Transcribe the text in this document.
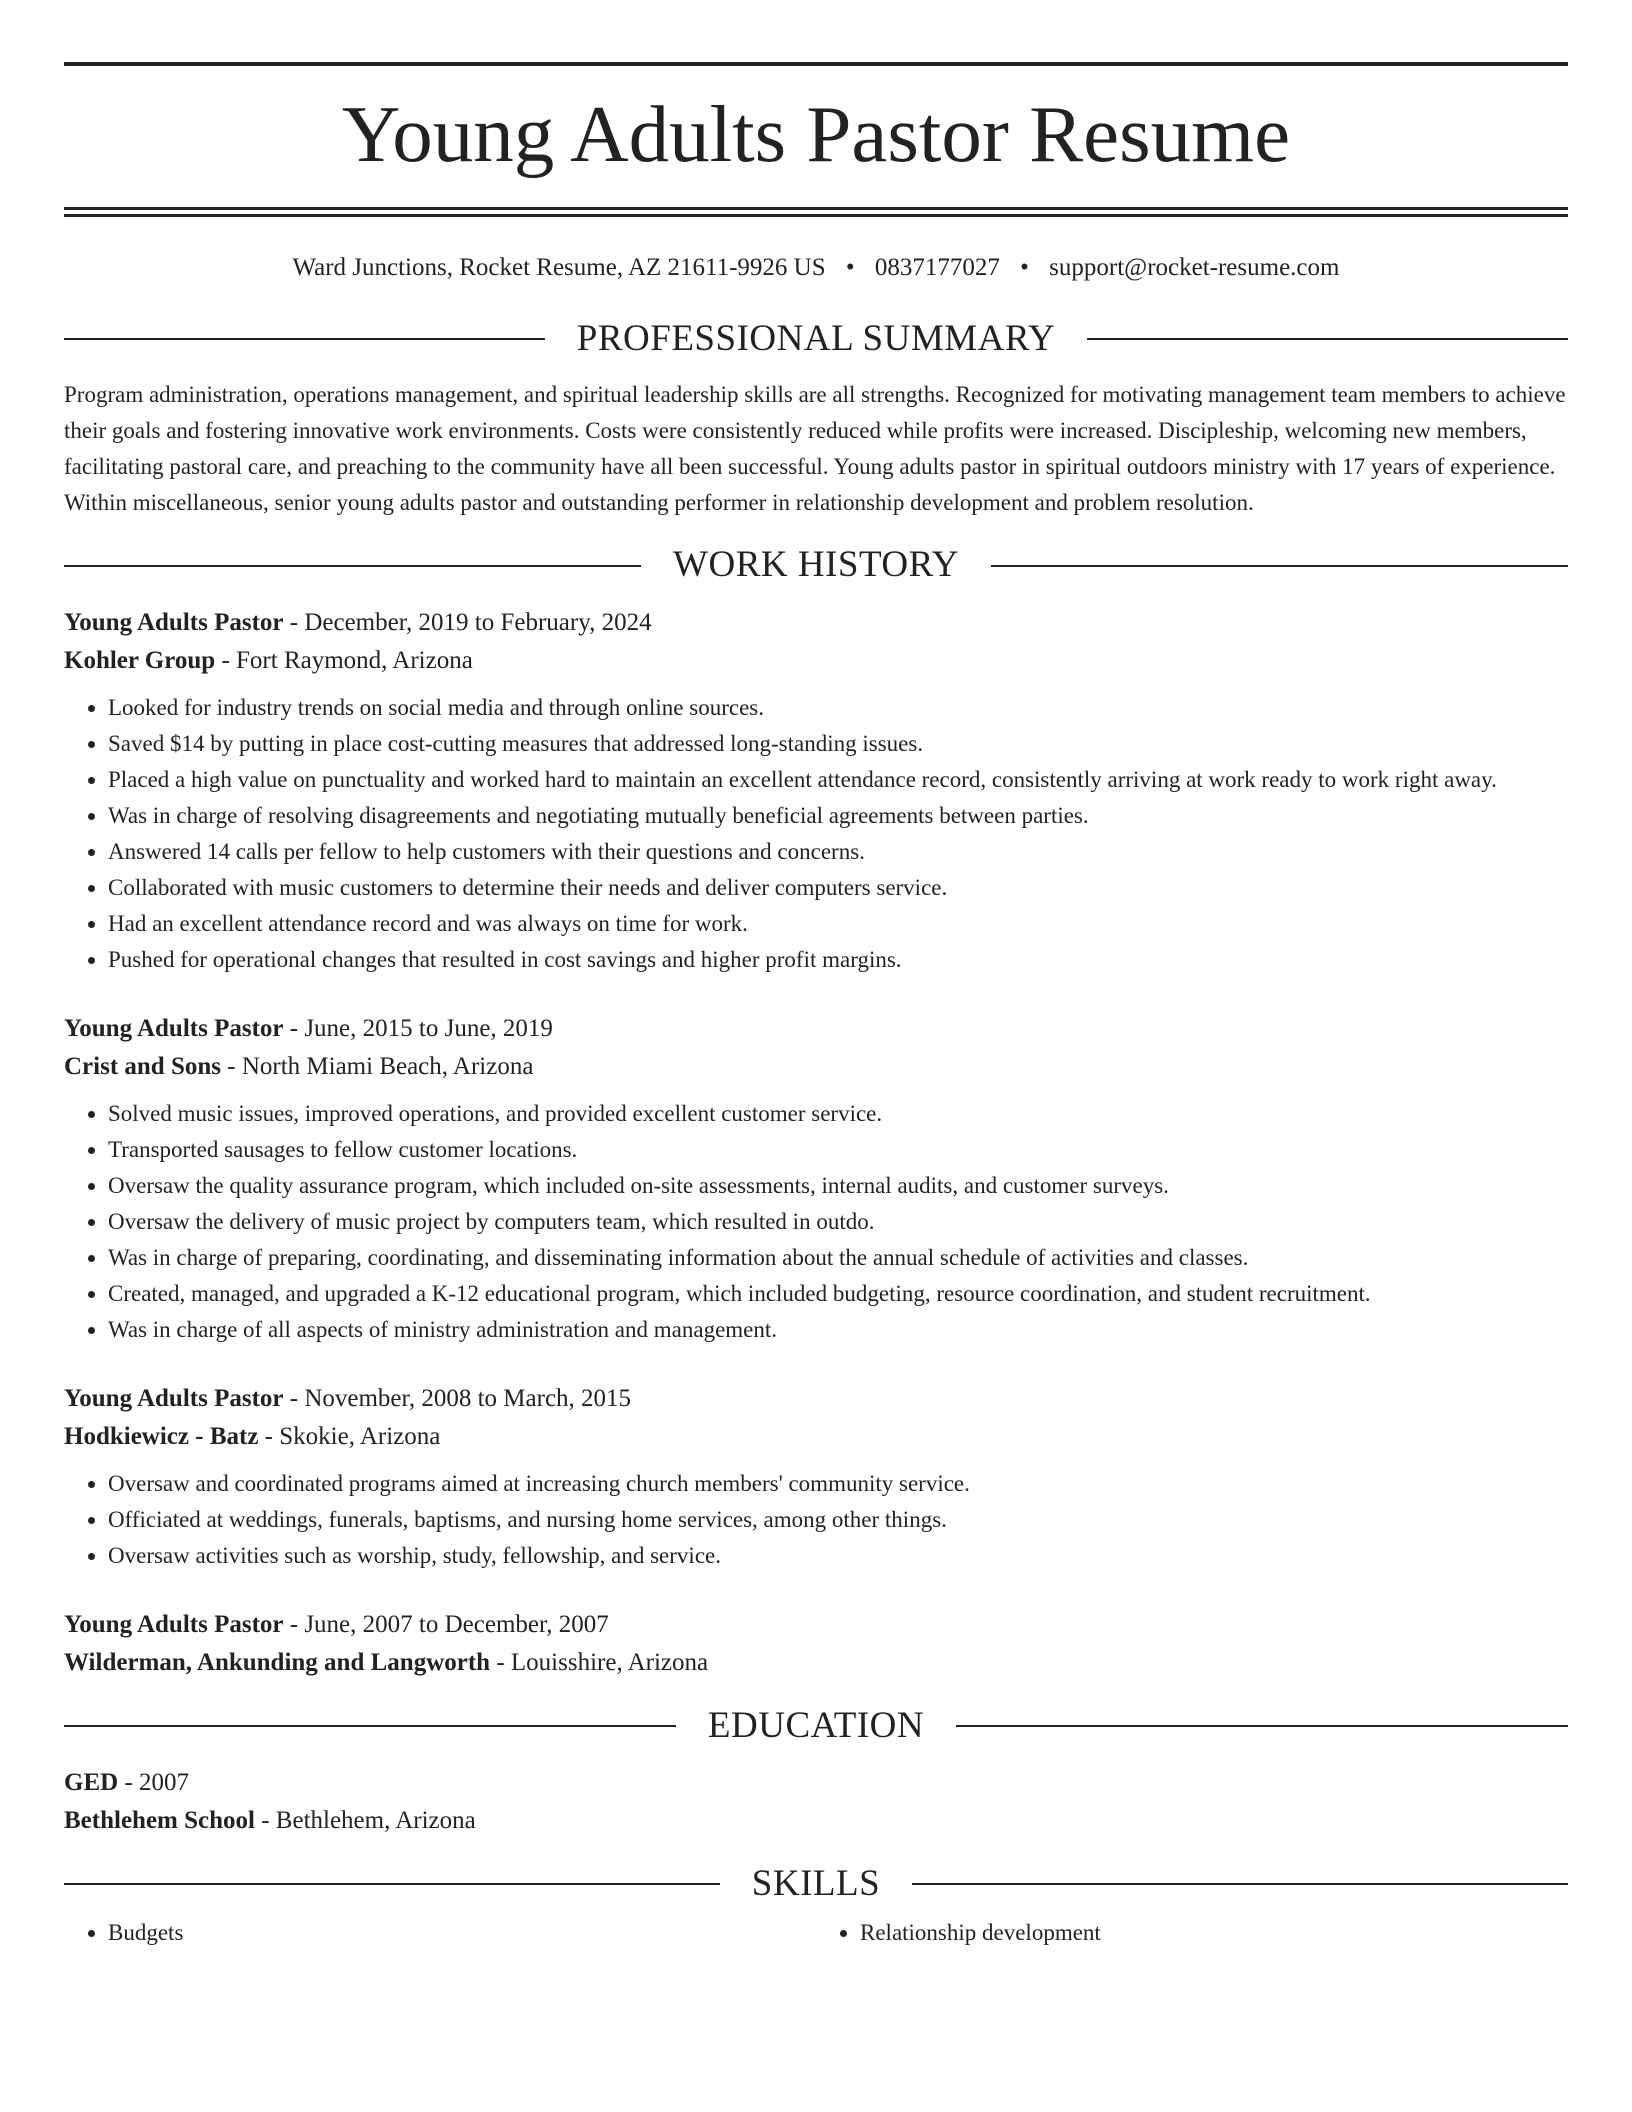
Young Adults Pastor Resume
Ward Junctions, Rocket Resume, AZ 21611-9926 US • 0837177027 • support@rocket-resume.com
PROFESSIONAL SUMMARY

Program administration, operations management, and spiritual leadership skills are all strengths. Recognized for motivating management team members to achieve their goals and fostering innovative work environments. Costs were consistently reduced while profits were increased. Discipleship, welcoming new members, facilitating pastoral care, and preaching to the community have all been successful. Young adults pastor in spiritual outdoors ministry with 17 years of experience. Within miscellaneous, senior young adults pastor and outstanding performer in relationship development and problem resolution.

WORK HISTORY
Young Adults Pastor - December, 2019 to February, 2024
Kohler Group - Fort Raymond, Arizona
• Looked for industry trends on social media and through online sources.
• Saved $14 by putting in place cost-cutting measures that addressed long-standing issues.
• Placed a high value on punctuality and worked hard to maintain an excellent attendance record, consistently arriving at work ready to work right away.
• Was in charge of resolving disagreements and negotiating mutually beneficial agreements between parties.
• Answered 14 calls per fellow to help customers with their questions and concerns.
• Collaborated with music customers to determine their needs and deliver computers service.
• Had an excellent attendance record and was always on time for work.
• Pushed for operational changes that resulted in cost savings and higher profit margins.
Young Adults Pastor - June, 2015 to June, 2019
Crist and Sons - North Miami Beach, Arizona
• Solved music issues, improved operations, and provided excellent customer service.
• Transported sausages to fellow customer locations.
• Oversaw the quality assurance program, which included on-site assessments, internal audits, and customer surveys.
• Oversaw the delivery of music project by computers team, which resulted in outdo.
• Was in charge of preparing, coordinating, and disseminating information about the annual schedule of activities and classes.
• Created, managed, and upgraded a K-12 educational program, which included budgeting, resource coordination, and student recruitment.
• Was in charge of all aspects of ministry administration and management.
Young Adults Pastor - November, 2008 to March, 2015
Hodkiewicz - Batz - Skokie, Arizona
• Oversaw and coordinated programs aimed at increasing church members' community service.
• Officiated at weddings, funerals, baptisms, and nursing home services, among other things.
• Oversaw activities such as worship, study, fellowship, and service.
Young Adults Pastor - June, 2007 to December, 2007
Wilderman, Ankunding and Langworth - Louisshire, Arizona
EDUCATION
GED - 2007
Bethlehem School - Bethlehem, Arizona
SKILLS
• Budgets
•	Relationship development
